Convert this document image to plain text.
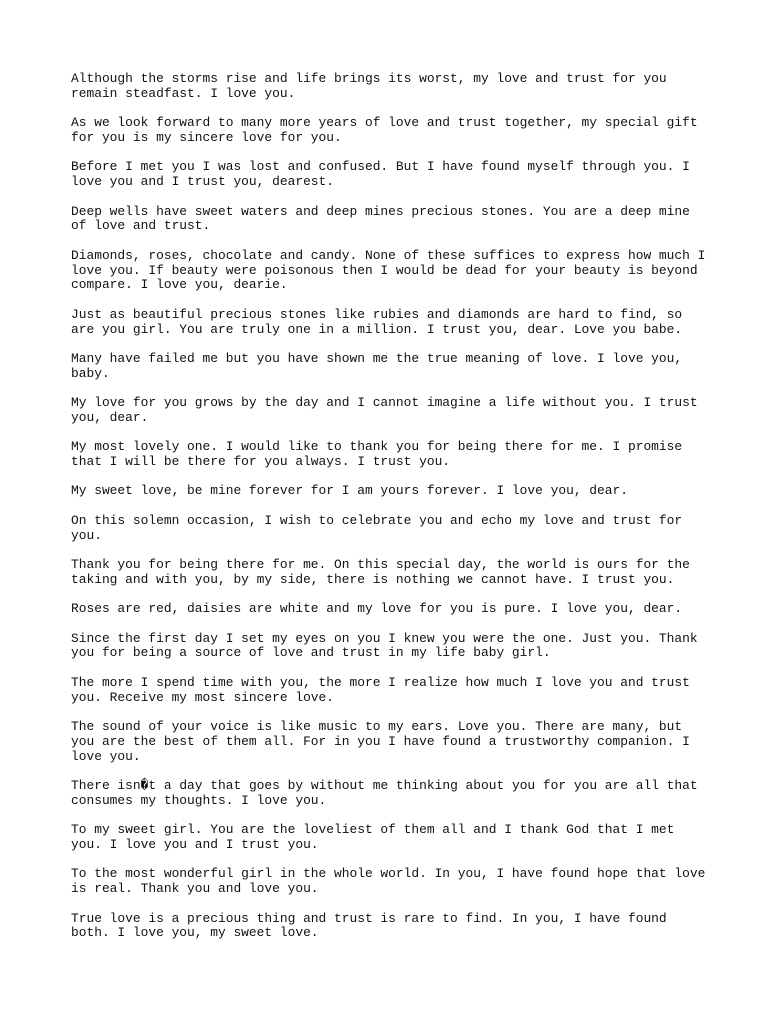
Although the storms rise and life brings its worst, my love and trust for you remain steadfast. I love you.

As we look forward to many more years of love and trust together, my special gift for you is my sincere love for you.

Before I met you I was lost and confused. But I have found myself through you. I love you and I trust you, dearest.

Deep wells have sweet waters and deep mines precious stones. You are a deep mine of love and trust.

Diamonds, roses, chocolate and candy. None of these suffices to express how much I love you. If beauty were poisonous then I would be dead for your beauty is beyond compare. I love you, dearie.

Just as beautiful precious stones like rubies and diamonds are hard to find, so are you girl. You are truly one in a million. I trust you, dear. Love you babe.

Many have failed me but you have shown me the true meaning of love. I love you, baby.

My love for you grows by the day and I cannot imagine a life without you. I trust you, dear.

My most lovely one. I would like to thank you for being there for me. I promise that I will be there for you always. I trust you.

My sweet love, be mine forever for I am yours forever. I love you, dear.

On this solemn occasion, I wish to celebrate you and echo my love and trust for you.

Thank you for being there for me. On this special day, the world is ours for the taking and with you, by my side, there is nothing we cannot have. I trust you.

Roses are red, daisies are white and my love for you is pure. I love you, dear.

Since the first day I set my eyes on you I knew you were the one. Just you. Thank you for being a source of love and trust in my life baby girl.

The more I spend time with you, the more I realize how much I love you and trust you. Receive my most sincere love.

The sound of your voice is like music to my ears. Love you. There are many, but you are the best of them all. For in you I have found a trustworthy companion. I love you.

There isn�t a day that goes by without me thinking about you for you are all that consumes my thoughts. I love you.

To my sweet girl. You are the loveliest of them all and I thank God that I met you. I love you and I trust you.

To the most wonderful girl in the whole world. In you, I have found hope that love is real. Thank you and love you.

True love is a precious thing and trust is rare to find. In you, I have found both. I love you, my sweet love.
